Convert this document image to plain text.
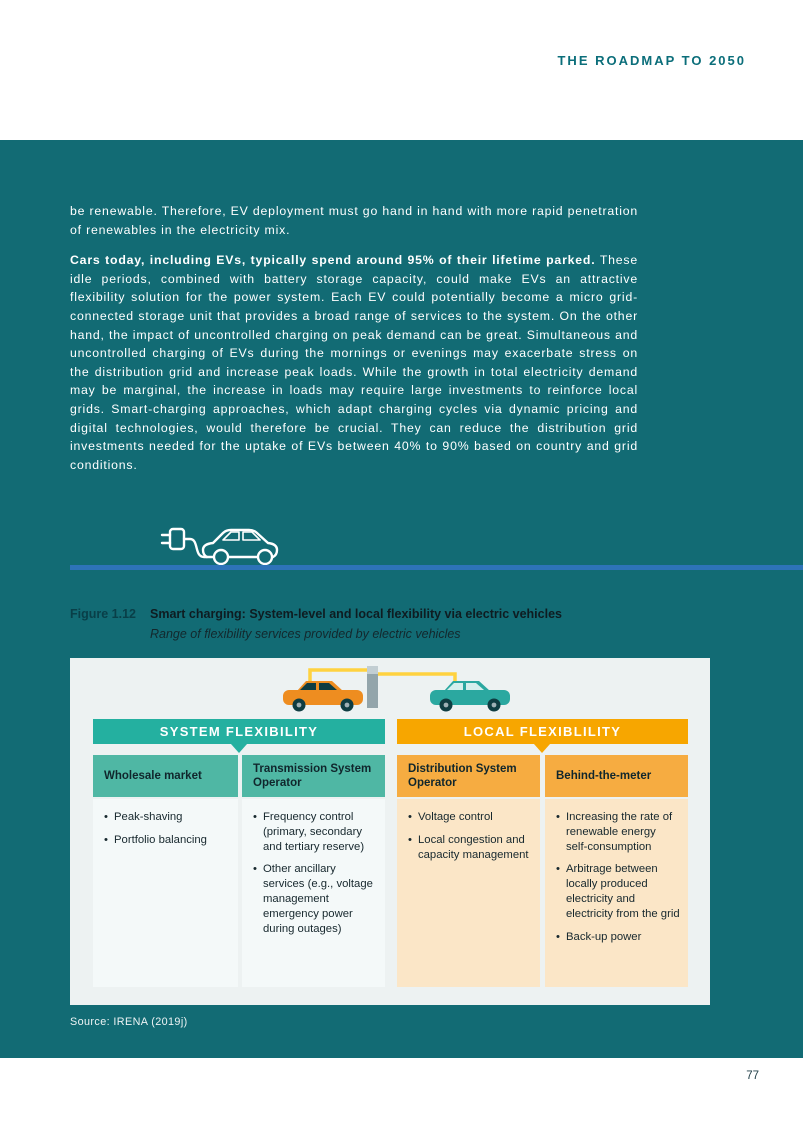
THE ROADMAP TO 2050

be renewable. Therefore, EV deployment must go hand in hand with more rapid penetration of renewables in the electricity mix.

Cars today, including EVs, typically spend around 95% of their lifetime parked. These idle periods, combined with battery storage capacity, could make EVs an attractive flexibility solution for the power system. Each EV could potentially become a micro grid-connected storage unit that provides a broad range of services to the system. On the other hand, the impact of uncontrolled charging on peak demand can be great. Simultaneous and uncontrolled charging of EVs during the mornings or evenings may exacerbate stress on the distribution grid and increase peak loads. While the growth in total electricity demand may be marginal, the increase in loads may require large investments to reinforce local grids. Smart-charging approaches, which adapt charging cycles via dynamic pricing and digital technologies, would therefore be crucial. They can reduce the distribution grid investments needed for the uptake of EVs between 40% to 90% based on country and grid conditions.

Figure 1.12	Smart charging: System-level and local flexibility via electric vehicles
Range of flexibility services provided by electric vehicles
SYSTEM FLEXIBILITY	LOCAL FLEXIBLILITY
Wholesale market
Transmission System Operator
Distribution System Operator
Behind-the-meter
• Peak-shaving
• Portfolio balancing
• Frequency control (primary, secondary and tertiary reserve)
• Other ancillary services (e.g., voltage management emergency power during outages)
• Voltage control
• Local congestion and capacity management
• Increasing the rate of renewable energy self-consumption
• Arbitrage between locally produced electricity and electricity from the grid
• Back-up power
Source: IRENA (2019j)
77
